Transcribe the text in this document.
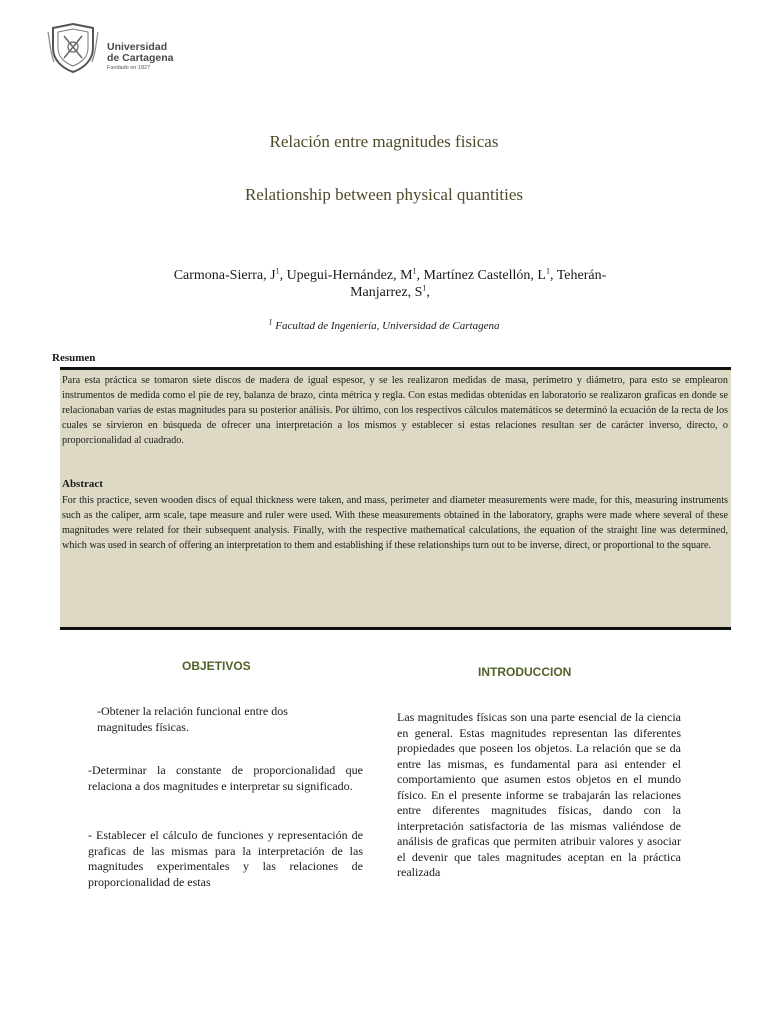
Universidad
de Cartagena
Fundado en 1827
Relación entre magnitudes fisicas
Relationship between physical quantities
Carmona-Sierra, $J^1$, Upegui-Hernández, $M^1$, Martínez Castellón, $L^1$, Teherán-Manjarrez, $S^1$,
$^1$ Facultad de Ingeniería, Universidad de Cartagena
Resumen
Para esta práctica se tomaron siete discos de madera de igual espesor, y se les realizaron medidas de masa, perímetro y diámetro, para esto se emplearon instrumentos de medida como el pie de rey, balanza de brazo, cinta métrica y regla. Con estas medidas obtenidas en laboratorio se realizaron graficas en donde se relacionaban varias de estas magnitudes para su posterior análisis. Por último, con los respectivos cálculos matemáticos se determinó la ecuación de la recta de los cuales se sirvieron en búsqueda de ofrecer una interpretación a los mismos y establecer si estas relaciones resultan ser de carácter inverso, directo, o proporcionalidad al cuadrado.
Abstract
For this practice, seven wooden discs of equal thickness were taken, and mass, perimeter and diameter measurements were made, for this, measuring instruments such as the caliper, arm scale, tape measure and ruler were used. With these measurements obtained in the laboratory, graphs were made where several of these magnitudes were related for their subsequent analysis. Finally, with the respective mathematical calculations, the equation of the straight line was determined, which was used in search of offering an interpretation to them and establishing if these relationships turn out to be inverse, direct, or proportional to the square.
OBJETIVOS
-Obtener la relación funcional entre dos magnitudes físicas.
-Determinar la constante de proporcionalidad que relaciona a dos magnitudes e interpretar su significado.
- Establecer el cálculo de funciones y representación de graficas de las mismas para la interpretación de las magnitudes experimentales y las relaciones de proporcionalidad de estas
INTRODUCCION
Las magnitudes físicas son una parte esencial de la ciencia en general. Estas magnitudes representan las diferentes propiedades que poseen los objetos. La relación que se da entre las mismas, es fundamental para asi entender el comportamiento que asumen estos objetos en el mundo físico. En el presente informe se trabajarán las relaciones entre diferentes magnitudes físicas, dando con la interpretación satisfactoria de las mismas valiéndose de análisis de graficas que permiten atribuir valores y asociar el devenir que tales magnitudes aceptan en la práctica realizada
